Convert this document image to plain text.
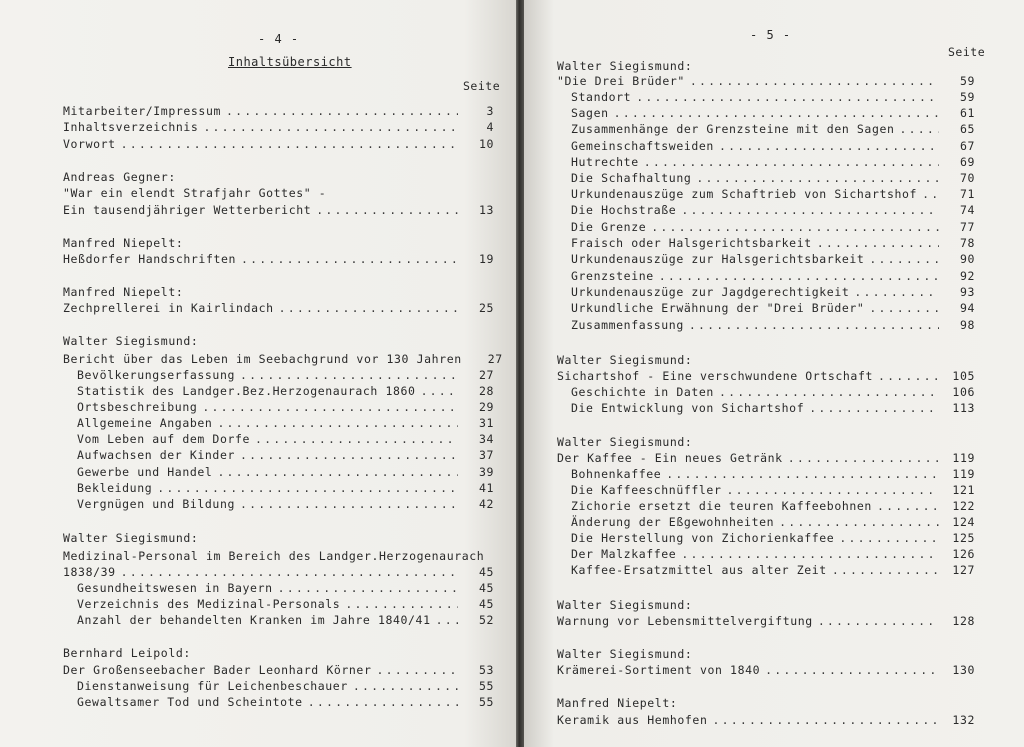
- 4 -
Inhaltsübersicht
Seite
Mitarbeiter/Impressum .....	3
Inhaltsverzeichnis .....	4
Vorwort .....	10
Andreas Gegner:
"War ein elendt Strafjahr Gottes" -
Ein tausendjähriger Wetterbericht .....	13
Manfred Niepelt:
Heßdorfer Handschriften .....	19
Manfred Niepelt:
Zechprellerei in Kairlindach .....	25
Walter Siegismund:
Bericht über das Leben im Seebachgrund vor 130 Jahren	27
Bevölkerungserfassung .....	27
Statistik des Landger.Bez.Herzogenaurach 1860 .....	28
Ortsbeschreibung .....	29
Allgemeine Angaben .....	31
Vom Leben auf dem Dorfe .....	34
Aufwachsen der Kinder .....	37
Gewerbe und Handel .....	39
Bekleidung .....	41
Vergnügen und Bildung .....	42
Walter Siegismund:
Medizinal-Personal im Bereich des Landger.Herzogenaurach
1838/39 .....	45
Gesundheitswesen in Bayern .....	45
Verzeichnis des Medizinal-Personals .....	45
Anzahl der behandelten Kranken im Jahre 1840/41 .....	52
Bernhard Leipold:
Der Großenseebacher Bader Leonhard Körner .....	53
Dienstanweisung für Leichenbeschauer .....	55
Gewaltsamer Tod und Scheintote .....	55
- 5 -
Seite
Walter Siegismund:
"Die Drei Brüder" .....	59
Standort .....	59
Sagen .....	61
Zusammenhänge der Grenzsteine mit den Sagen .....	65
Gemeinschaftsweiden .....	67
Hutrechte .....	69
Die Schafhaltung .....	70
Urkundenauszüge zum Schaftrieb von Sichartshof .....	71
Die Hochstraße .....	74
Die Grenze .....	77
Fraisch oder Halsgerichtsbarkeit .....	78
Urkundenauszüge zur Halsgerichtsbarkeit .....	90
Grenzsteine .....	92
Urkundenauszüge zur Jagdgerechtigkeit .....	93
Urkundliche Erwähnung der "Drei Brüder" .....	94
Zusammenfassung .....	98
Walter Siegismund:
Sichartshof - Eine verschwundene Ortschaft .....	105
Geschichte in Daten .....	106
Die Entwicklung von Sichartshof .....	113
Walter Siegismund:
Der Kaffee - Ein neues Getränk .....	119
Bohnenkaffee .....	119
Die Kaffeeschnüffler .....	121
Zichorie ersetzt die teuren Kaffeebohnen .....	122
Änderung der Eßgewohnheiten .....	124
Die Herstellung von Zichorienkaffee .....	125
Der Malzkaffee .....	126
Kaffee-Ersatzmittel aus alter Zeit .....	127
Walter Siegismund:
Warnung vor Lebensmittelvergiftung .....	128
Walter Siegismund:
Krämerei-Sortiment von 1840 .....	130
Manfred Niepelt:
Keramik aus Hemhofen .....	132
